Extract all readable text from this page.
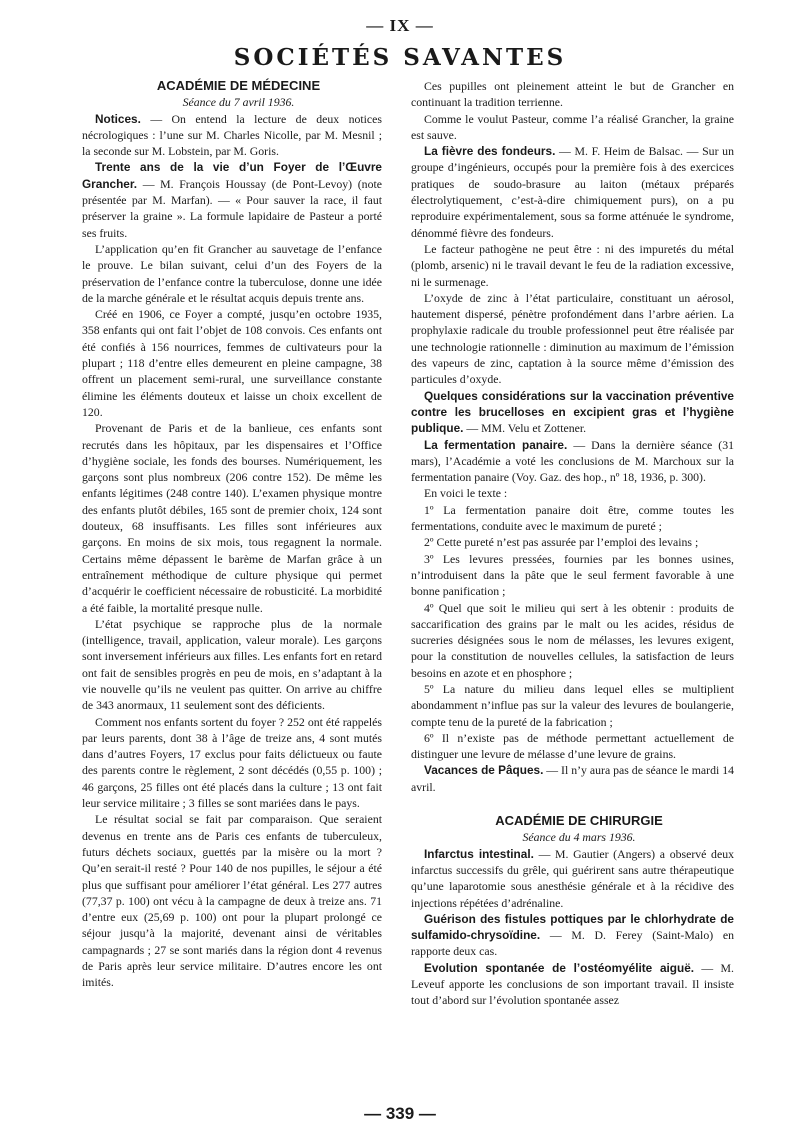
— IX —
SOCIÉTÉS SAVANTES

ACADÉMIE DE MÉDECINE

Séance du 7 avril 1936.

Notices. — On entend la lecture de deux notices nécrologiques : l’une sur M. Charles Nicolle, par M. Mesnil ; la seconde sur M. Lobstein, par M. Goris.

Trente ans de la vie d’un Foyer de l’Œuvre Grancher. — M. François Houssay (de Pont-Levoy) (note présentée par M. Marfan). — « Pour sauver la race, il faut préserver la graine ». La formule lapidaire de Pasteur a porté ses fruits.

L’application qu’en fit Grancher au sauvetage de l’enfance le prouve. Le bilan suivant, celui d’un des Foyers de la préservation de l’enfance contre la tuberculose, donne une idée de la marche générale et le résultat acquis depuis trente ans.

Créé en 1906, ce Foyer a compté, jusqu’en octobre 1935, 358 enfants qui ont fait l’objet de 108 convois. Ces enfants ont été confiés à 156 nourrices, femmes de cultivateurs pour la plupart ; 118 d’entre elles demeurent en pleine campagne, 38 offrent un placement semi-rural, une surveillance constante élimine les éléments douteux et laisse un choix excellent de 120.

Provenant de Paris et de la banlieue, ces enfants sont recrutés dans les hôpitaux, par les dispensaires et l’Office d’hygiène sociale, les fonds des bourses. Numériquement, les garçons sont plus nombreux (206 contre 152). De même les enfants légitimes (248 contre 140). L’examen physique montre des enfants plutôt débiles, 165 sont de premier choix, 124 sont douteux, 68 insuffisants. Les filles sont inférieures aux garçons. En moins de six mois, tous regagnent la normale. Certains même dépassent le barème de Marfan grâce à un entraînement méthodique de culture physique qui permet d’acquérir le coefficient nécessaire de robusticité. La morbidité a été faible, la mortalité presque nulle.

L’état psychique se rapproche plus de la normale (intelligence, travail, application, valeur morale). Les garçons sont inversement inférieurs aux filles. Les enfants fort en retard ont fait de sensibles progrès en peu de mois, en s’adaptant à la vie nouvelle qu’ils ne veulent pas quitter. On arrive au chiffre de 343 anormaux, 11 seulement sont des déficients.

Comment nos enfants sortent du foyer ? 252 ont été rappelés par leurs parents, dont 38 à l’âge de treize ans, 4 sont mutés dans d’autres Foyers, 17 exclus pour faits délictueux ou faute des parents contre le règlement, 2 sont décédés (0,55 p. 100) ; 46 garçons, 25 filles ont été placés dans la culture ; 13 ont fait leur service militaire ; 3 filles se sont mariées dans le pays.

Le résultat social se fait par comparaison. Que seraient devenus en trente ans de Paris ces enfants de tuberculeux, futurs déchets sociaux, guettés par la misère ou la mort ? Qu’en serait-il resté ? Pour 140 de nos pupilles, le séjour a été plus que suffisant pour améliorer l’état général. Les 277 autres (77,37 p. 100) ont vécu à la campagne de deux à treize ans. 71 d’entre eux (25,69 p. 100) ont pour la plupart prolongé ce séjour jusqu’à la majorité, devenant ainsi de véritables campagnards ; 27 se sont mariés dans la région dont 4 revenus de Paris après leur service militaire. D’autres encore les ont imités.

Ces pupilles ont pleinement atteint le but de Grancher en continuant la tradition terrienne.

Comme le voulut Pasteur, comme l’a réalisé Grancher, la graine est sauve.

La fièvre des fondeurs. — M. F. Heim de Balsac. — Sur un groupe d’ingénieurs, occupés pour la première fois à des exercices pratiques de soudo-brasure au laiton (métaux préparés électrolytiquement, c’est-à-dire chimiquement purs), on a pu reproduire expérimentalement, sous sa forme atténuée le syndrome, dénommé fièvre des fondeurs.

Le facteur pathogène ne peut être : ni des impuretés du métal (plomb, arsenic) ni le travail devant le feu de la radiation excessive, ni le surmenage.

L’oxyde de zinc à l’état particulaire, constituant un aérosol, hautement dispersé, pénètre profondément dans l’arbre aérien. La prophylaxie radicale du trouble professionnel peut être réalisée par une technologie rationnelle : diminution au maximum de l’émission des vapeurs de zinc, captation à la source même d’émission des particules d’oxyde.

Quelques considérations sur la vaccination préventive contre les brucelloses en excipient gras et l’hygiène publique. — MM. Velu et Zottener.

La fermentation panaire. — Dans la dernière séance (31 mars), l’Académie a voté les conclusions de M. Marchoux sur la fermentation panaire (Voy. Gaz. des hop., nº 18, 1936, p. 300).

En voici le texte :

1º La fermentation panaire doit être, comme toutes les fermentations, conduite avec le maximum de pureté ;

2º Cette pureté n’est pas assurée par l’emploi des levains ;

3º Les levures pressées, fournies par les bonnes usines, n’introduisent dans la pâte que le seul ferment favorable à une bonne panification ;

4º Quel que soit le milieu qui sert à les obtenir : produits de saccarification des grains par le malt ou les acides, résidus de sucreries désignées sous le nom de mélasses, les levures exigent, pour la constitution de nouvelles cellules, la satisfaction de leurs besoins en azote et en phosphore ;

5º La nature du milieu dans lequel elles se multiplient abondamment n’influe pas sur la valeur des levures de boulangerie, compte tenu de la pureté de la fabrication ;

6º Il n’existe pas de méthode permettant actuellement de distinguer une levure de mélasse d’une levure de grains.

Vacances de Pâques. — Il n’y aura pas de séance le mardi 14 avril.

ACADÉMIE DE CHIRURGIE

Séance du 4 mars 1936.

Infarctus intestinal. — M. Gautier (Angers) a observé deux infarctus successifs du grêle, qui guérirent sans autre thérapeutique qu’une laparotomie sous anesthésie générale et à la récidive des injections répétées d’adrénaline.

Guérison des fistules pottiques par le chlorhydrate de sulfamido-chrysoïdine. — M. D. Ferey (Saint-Malo) en rapporte deux cas.

Evolution spontanée de l’ostéomyélite aiguë. — M. Leveuf apporte les conclusions de son important travail. Il insiste tout d’abord sur l’évolution spontanée assez

— 339 —
